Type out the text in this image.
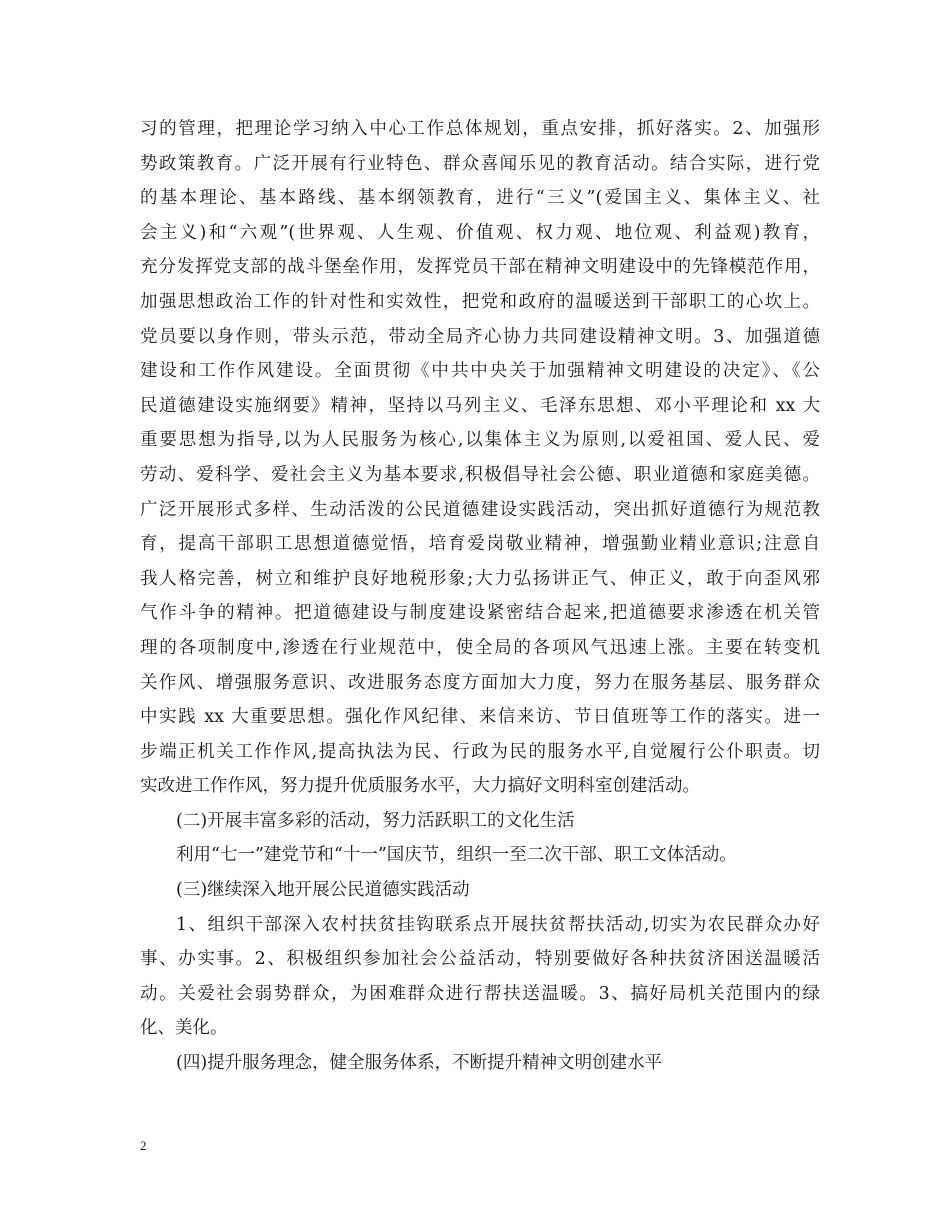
习的管理，把理论学习纳入中心工作总体规划，重点安排，抓好落实。2、加强形
势政策教育。广泛开展有行业特色、群众喜闻乐见的教育活动。结合实际，进行党
的基本理论、基本路线、基本纲领教育，进行“三义”(爱国主义、集体主义、社
会主义)和“六观”(世界观、人生观、价值观、权力观、地位观、利益观)教育，
充分发挥党支部的战斗堡垒作用，发挥党员干部在精神文明建设中的先锋模范作用，
加强思想政治工作的针对性和实效性，把党和政府的温暖送到干部职工的心坎上。
党员要以身作则，带头示范，带动全局齐心协力共同建设精神文明。3、加强道德
建设和工作作风建设。全面贯彻《中共中央关于加强精神文明建设的决定》、《公
民道德建设实施纲要》精神，坚持以马列主义、毛泽东思想、邓小平理论和 xx 大
重要思想为指导,以为人民服务为核心,以集体主义为原则,以爱祖国、爱人民、爱
劳动、爱科学、爱社会主义为基本要求,积极倡导社会公德、职业道德和家庭美德。
广泛开展形式多样、生动活泼的公民道德建设实践活动，突出抓好道德行为规范教
育，提高干部职工思想道德觉悟，培育爱岗敬业精神，增强勤业精业意识;注意自
我人格完善，树立和维护良好地税形象;大力弘扬讲正气、伸正义，敢于向歪风邪
气作斗争的精神。把道德建设与制度建设紧密结合起来,把道德要求渗透在机关管
理的各项制度中,渗透在行业规范中，使全局的各项风气迅速上涨。主要在转变机
关作风、增强服务意识、改进服务态度方面加大力度，努力在服务基层、服务群众
中实践 xx 大重要思想。强化作风纪律、来信来访、节日值班等工作的落实。进一
步端正机关工作作风,提高执法为民、行政为民的服务水平,自觉履行公仆职责。切
实改进工作作风，努力提升优质服务水平，大力搞好文明科室创建活动。
(二)开展丰富多彩的活动，努力活跃职工的文化生活
利用“七一”建党节和“十一”国庆节，组织一至二次干部、职工文体活动。
(三)继续深入地开展公民道德实践活动
1、组织干部深入农村扶贫挂钩联系点开展扶贫帮扶活动,切实为农民群众办好
事、办实事。2、积极组织参加社会公益活动，特别要做好各种扶贫济困送温暖活
动。关爱社会弱势群众，为困难群众进行帮扶送温暖。3、搞好局机关范围内的绿
化、美化。
(四)提升服务理念，健全服务体系，不断提升精神文明创建水平
2
